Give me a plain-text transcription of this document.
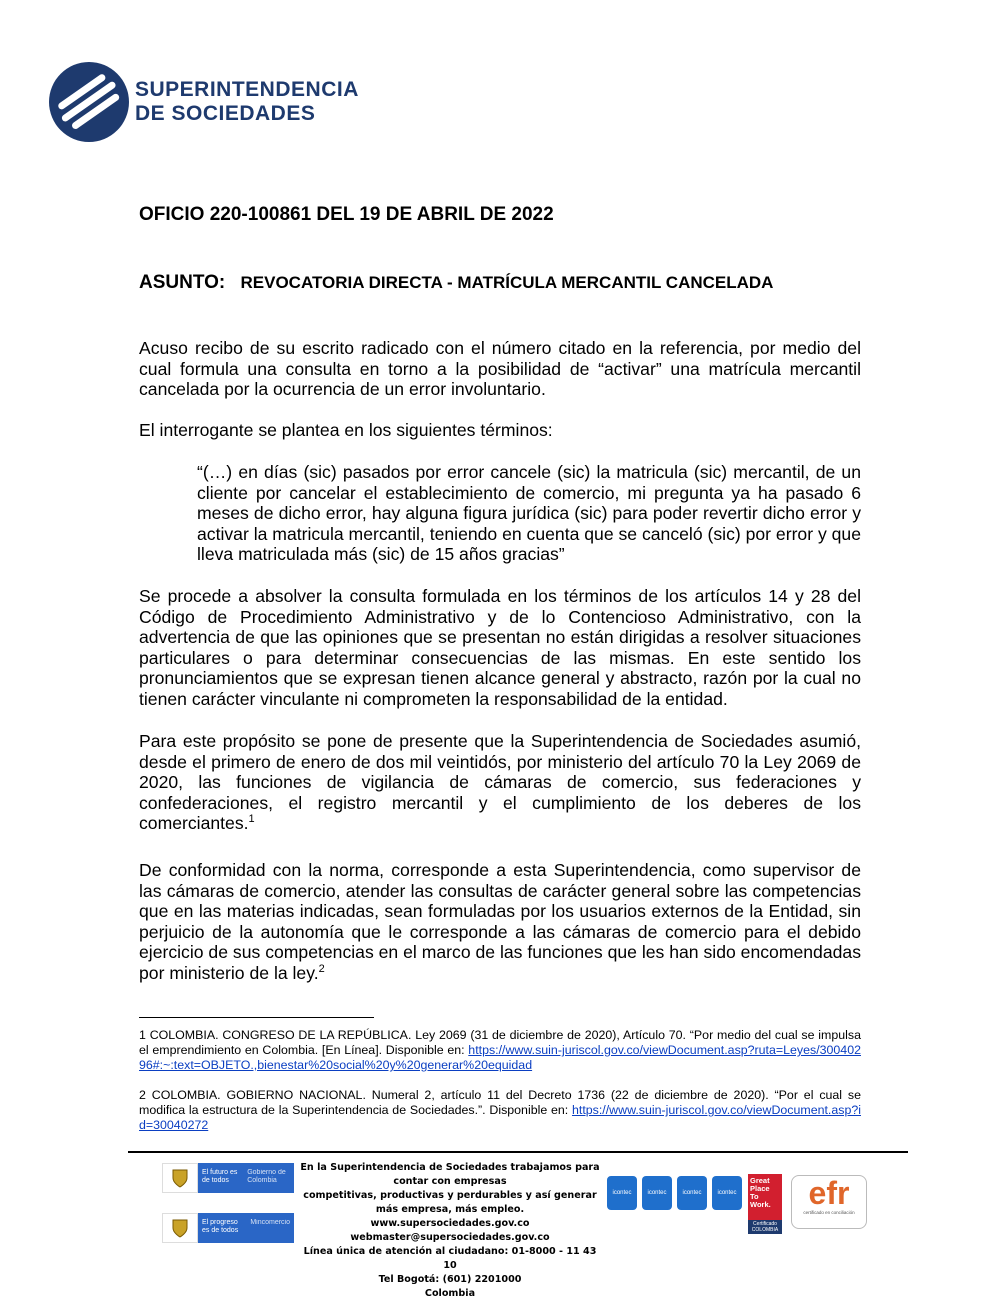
SUPERINTENDENCIA
DE SOCIEDADES
OFICIO 220-100861 DEL 19 DE ABRIL DE 2022
ASUNTO: REVOCATORIA DIRECTA - MATRÍCULA MERCANTIL CANCELADA
Acuso recibo de su escrito radicado con el número citado en la referencia, por medio del cual formula una consulta en torno a la posibilidad de “activar” una matrícula mercantil cancelada por la ocurrencia de un error involuntario.
El interrogante se plantea en los siguientes términos:
“(…) en días (sic) pasados por error cancele (sic) la matricula (sic) mercantil, de un cliente por cancelar el establecimiento de comercio, mi pregunta ya ha pasado 6 meses de dicho error, hay alguna figura jurídica (sic) para poder revertir dicho error y activar la matricula mercantil, teniendo en cuenta que se canceló (sic) por error y que lleva matriculada más (sic) de 15 años gracias”
Se procede a absolver la consulta formulada en los términos de los artículos 14 y 28 del Código de Procedimiento Administrativo y de lo Contencioso Administrativo, con la advertencia de que las opiniones que se presentan no están dirigidas a resolver situaciones particulares o para determinar consecuencias de las mismas. En este sentido los pronunciamientos que se expresan tienen alcance general y abstracto, razón por la cual no tienen carácter vinculante ni comprometen la responsabilidad de la entidad.
Para este propósito se pone de presente que la Superintendencia de Sociedades asumió, desde el primero de enero de dos mil veintidós, por ministerio del artículo 70 la Ley 2069 de 2020, las funciones de vigilancia de cámaras de comercio, sus federaciones y confederaciones, el registro mercantil y el cumplimiento de los deberes de los comerciantes.$^1$
De conformidad con la norma, corresponde a esta Superintendencia, como supervisor de las cámaras de comercio, atender las consultas de carácter general sobre las competencias que en las materias indicadas, sean formuladas por los usuarios externos de la Entidad, sin perjuicio de la autonomía que le corresponde a las cámaras de comercio para el debido ejercicio de sus competencias en el marco de las funciones que les han sido encomendadas por ministerio de la ley.$^2$
1 COLOMBIA. CONGRESO DE LA REPÚBLICA. Ley 2069 (31 de diciembre de 2020), Artículo 70. “Por medio del cual se impulsa el emprendimiento en Colombia. [En Línea]. Disponible en: https://www.suin-juriscol.gov.co/viewDocument.asp?ruta=Leyes/30040296#:~:text=OBJETO.,bienestar%20social%20y%20generar%20equidad
2 COLOMBIA. GOBIERNO NACIONAL. Numeral 2, artículo 11 del Decreto 1736 (22 de diciembre de 2020). “Por el cual se modifica la estructura de la Superintendencia de Sociedades.”. Disponible en: https://www.suin-juriscol.gov.co/viewDocument.asp?id=30040272
El futuro es de todos
Gobierno de Colombia
El progreso es de todos
Mincomercio
En la Superintendencia de Sociedades trabajamos para contar con empresas
competitivas, productivas y perdurables y así generar más empresa, más empleo.
www.supersociedades.gov.co
webmaster@supersociedades.gov.co
Línea única de atención al ciudadano: 01-8000 - 11 43 10
Tel Bogotá: (601) 2201000
Colombia
icontec	icontec	icontec	icontec
Great Place To Work.
Certificado COLOMBIA
efr
certificado en conciliación
